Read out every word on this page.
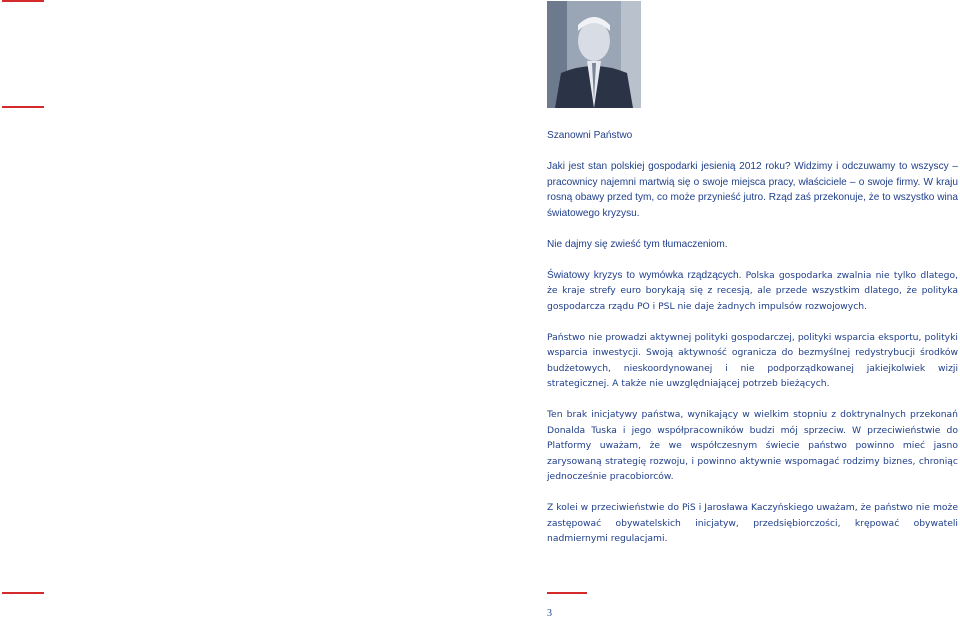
Szanowni Państwo

Jaki jest stan polskiej gospodarki jesienią 2012 roku? Widzimy i odczuwamy to wszyscy – pracownicy najemni martwią się o swoje miejsca pracy, właściciele – o swoje firmy. W kraju rosną obawy przed tym, co może przynieść jutro. Rząd zaś przekonuje, że to wszystko wina światowego kryzysu.

Nie dajmy się zwieść tym tłumaczeniom.

Światowy kryzys to wymówka rządzących. Polska gospodarka zwalnia nie tylko dlatego, że kraje strefy euro borykają się z recesją, ale przede wszystkim dlatego, że polityka gospodarcza rządu PO i PSL nie daje żadnych impulsów rozwojowych.

Państwo nie prowadzi aktywnej polityki gospodarczej, polityki wsparcia eksportu, polityki wsparcia inwestycji. Swoją aktywność ogranicza do bezmyślnej redystrybucji środków budżetowych, nieskoordynowanej i nie podporządkowanej jakiejkolwiek wizji strategicznej. A także nie uwzględniającej potrzeb bieżących.

Ten brak inicjatywy państwa, wynikający w wielkim stopniu z doktrynalnych przekonań Donalda Tuska i jego współpracowników budzi mój sprzeciw. W przeciwieństwie do Platformy uważam, że we współczesnym świecie państwo powinno mieć jasno zarysowaną strategię rozwoju, i powinno aktywnie wspomagać rodzimy biznes, chroniąc jednocześnie pracobiorców.

Z kolei w przeciwieństwie do PiS i Jarosława Kaczyńskiego uważam, że państwo nie może zastępować obywatelskich inicjatyw, przedsiębiorczości, krępować obywateli nadmiernymi regulacjami.

3
